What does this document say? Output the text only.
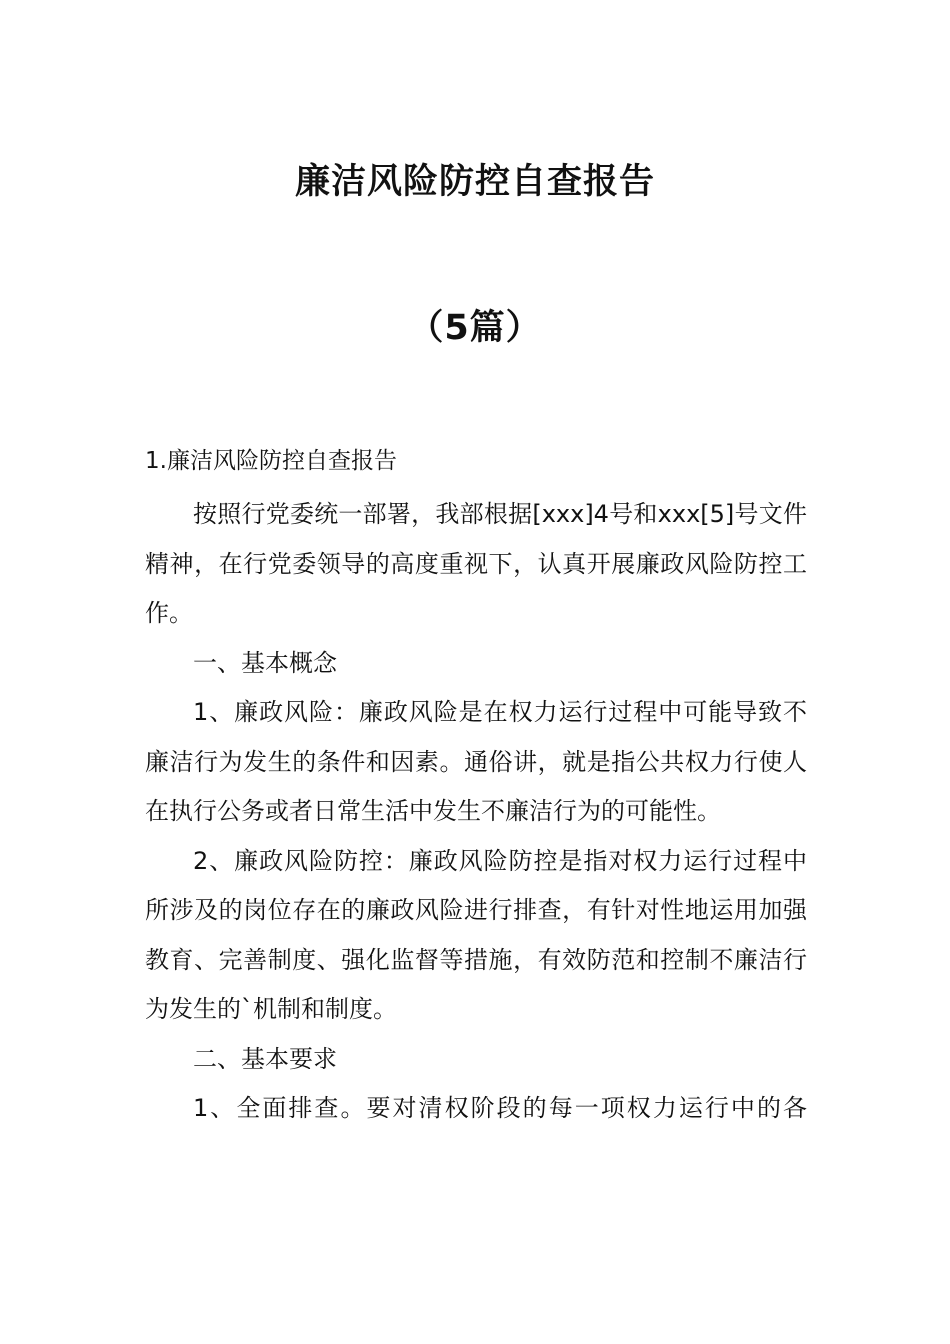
廉洁风险防控自查报告
（5篇）
1.廉洁风险防控自查报告

按照行党委统一部署，我部根据[xxx]4号和xxx[5]号文件精神，在行党委领导的高度重视下，认真开展廉政风险防控工作。

一、基本概念

1、廉政风险：廉政风险是在权力运行过程中可能导致不廉洁行为发生的条件和因素。通俗讲，就是指公共权力行使人在执行公务或者日常生活中发生不廉洁行为的可能性。

2、廉政风险防控：廉政风险防控是指对权力运行过程中所涉及的岗位存在的廉政风险进行排查，有针对性地运用加强教育、完善制度、强化监督等措施，有效防范和控制不廉洁行为发生的`机制和制度。

二、基本要求

1、全面排查。要对清权阶段的每一项权力运行中的各
